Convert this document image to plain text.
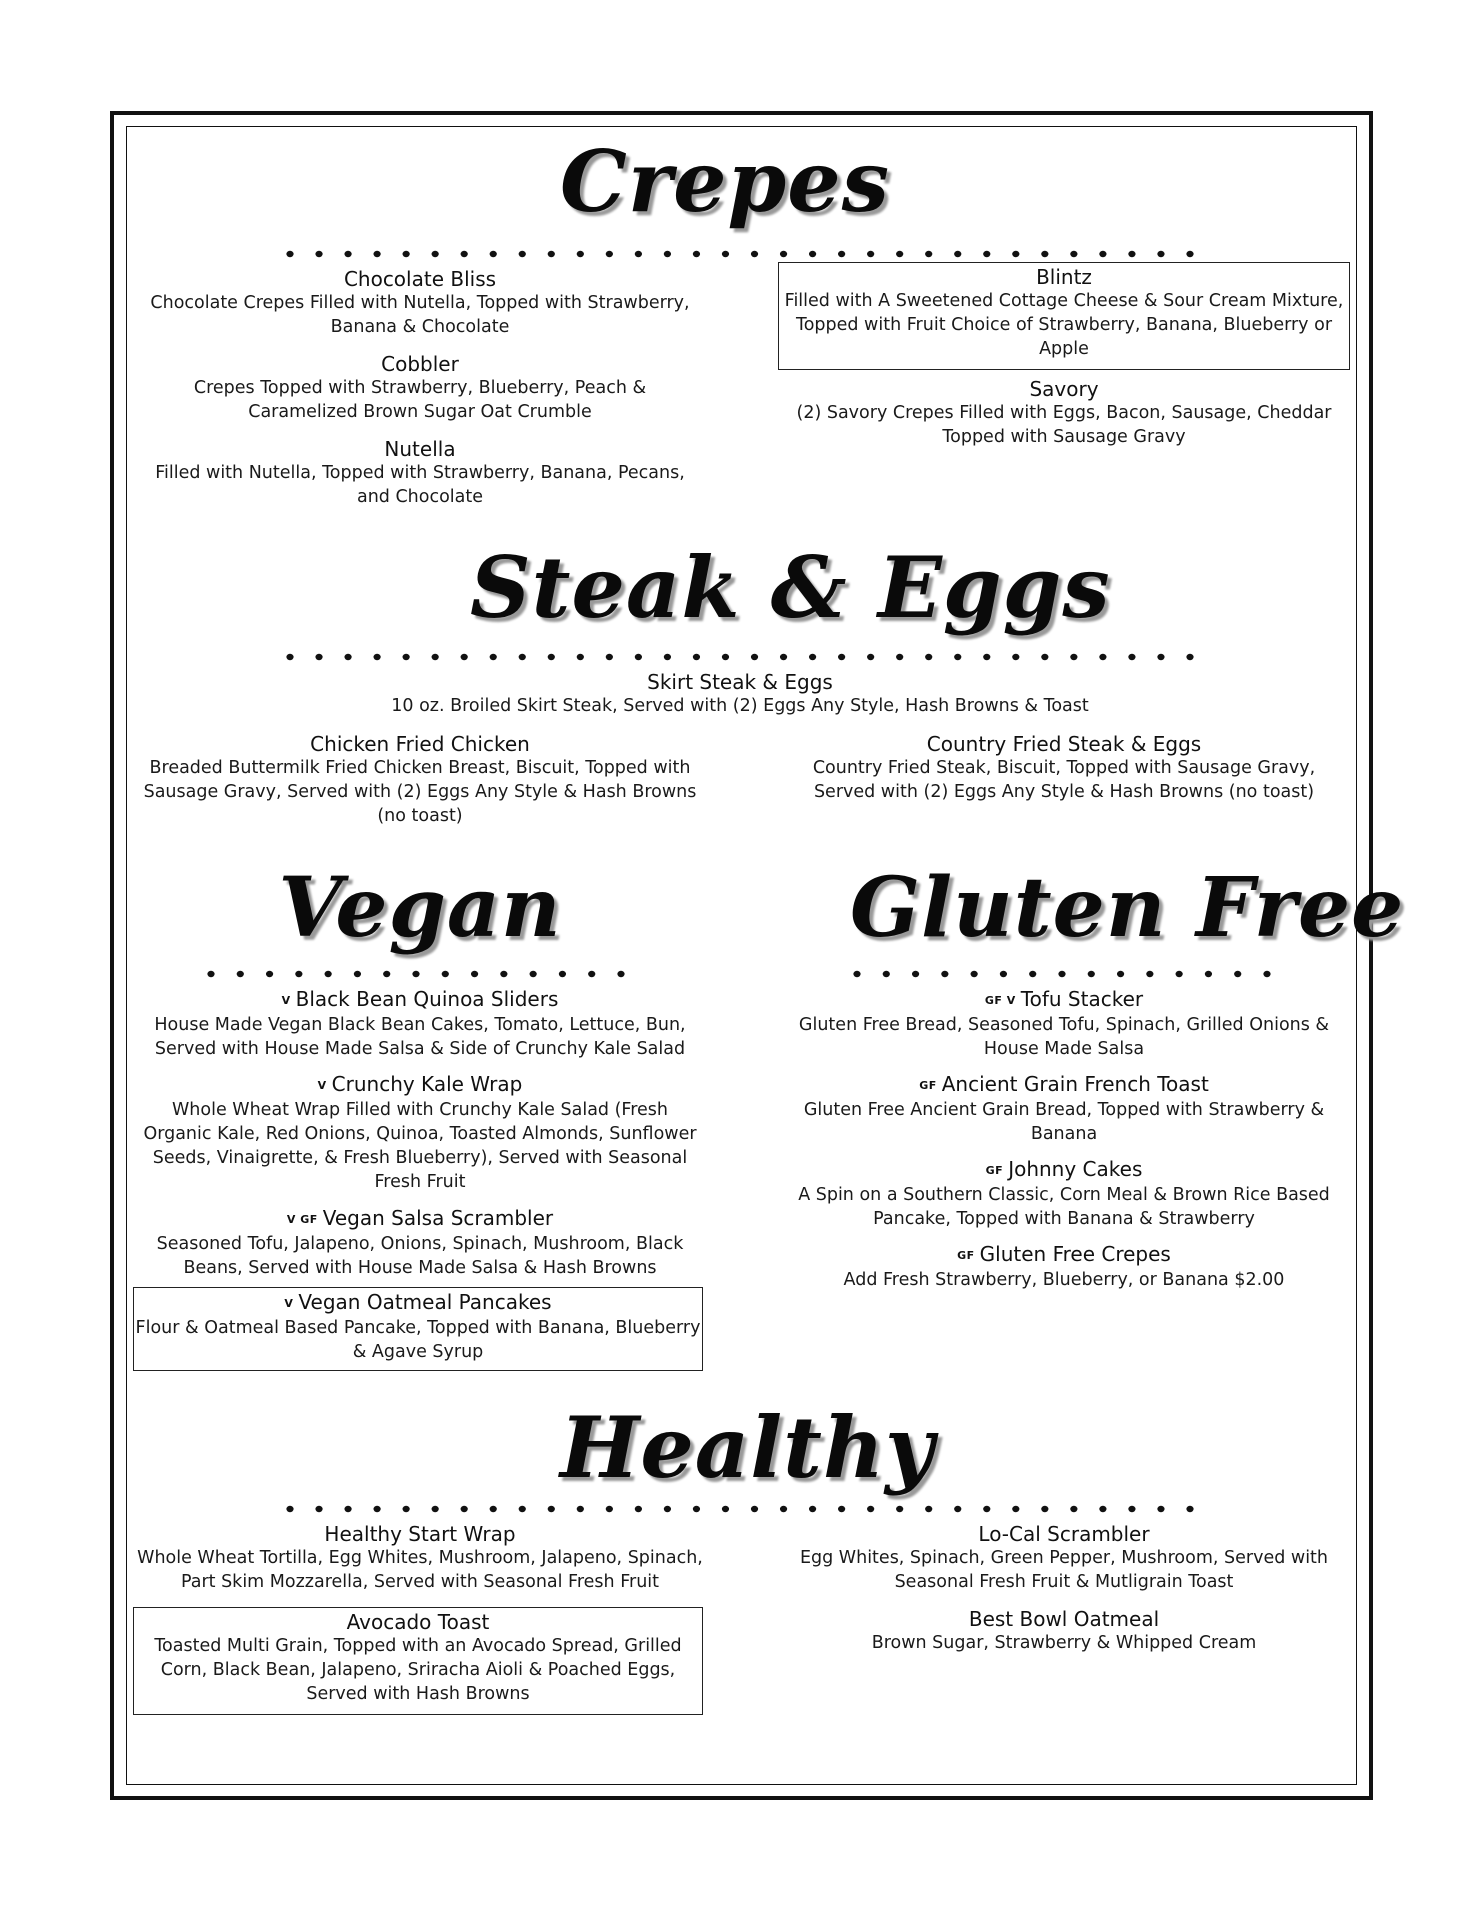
Crepes
Chocolate Bliss
Chocolate Crepes Filled with Nutella, Topped with Strawberry, Banana & Chocolate
Cobbler
Crepes Topped with Strawberry, Blueberry, Peach & Caramelized Brown Sugar Oat Crumble
Nutella
Filled with Nutella, Topped with Strawberry, Banana, Pecans, and Chocolate
Blintz
Filled with A Sweetened Cottage Cheese & Sour Cream Mixture, Topped with Fruit Choice of Strawberry, Banana, Blueberry or Apple
Savory
(2) Savory Crepes Filled with Eggs, Bacon, Sausage, Cheddar Topped with Sausage Gravy
Steak & Eggs
Skirt Steak & Eggs
10 oz. Broiled Skirt Steak, Served with (2) Eggs Any Style, Hash Browns & Toast
Chicken Fried Chicken
Breaded Buttermilk Fried Chicken Breast, Biscuit, Topped with Sausage Gravy, Served with (2) Eggs Any Style & Hash Browns (no toast)
Country Fried Steak & Eggs
Country Fried Steak, Biscuit, Topped with Sausage Gravy, Served with (2) Eggs Any Style & Hash Browns (no toast)
Vegan	Gluten Free
V Black Bean Quinoa Sliders
House Made Vegan Black Bean Cakes, Tomato, Lettuce, Bun, Served with House Made Salsa & Side of Crunchy Kale Salad
V Crunchy Kale Wrap
Whole Wheat Wrap Filled with Crunchy Kale Salad (Fresh Organic Kale, Red Onions, Quinoa, Toasted Almonds, Sunflower Seeds, Vinaigrette, & Fresh Blueberry), Served with Seasonal Fresh Fruit
V GF Vegan Salsa Scrambler
Seasoned Tofu, Jalapeno, Onions, Spinach, Mushroom, Black Beans, Served with House Made Salsa & Hash Browns
V Vegan Oatmeal Pancakes
Flour & Oatmeal Based Pancake, Topped with Banana, Blueberry & Agave Syrup
GF V Tofu Stacker
Gluten Free Bread, Seasoned Tofu, Spinach, Grilled Onions & House Made Salsa
GF Ancient Grain French Toast
Gluten Free Ancient Grain Bread, Topped with Strawberry & Banana
GF Johnny Cakes
A Spin on a Southern Classic, Corn Meal & Brown Rice Based Pancake, Topped with Banana & Strawberry
GF Gluten Free Crepes
Add Fresh Strawberry, Blueberry, or Banana $2.00
Healthy
Healthy Start Wrap
Whole Wheat Tortilla, Egg Whites, Mushroom, Jalapeno, Spinach, Part Skim Mozzarella, Served with Seasonal Fresh Fruit
Avocado Toast
Toasted Multi Grain, Topped with an Avocado Spread, Grilled Corn, Black Bean, Jalapeno, Sriracha Aioli & Poached Eggs, Served with Hash Browns
Lo-Cal Scrambler
Egg Whites, Spinach, Green Pepper, Mushroom, Served with Seasonal Fresh Fruit & Mutligrain Toast
Best Bowl Oatmeal
Brown Sugar, Strawberry & Whipped Cream
